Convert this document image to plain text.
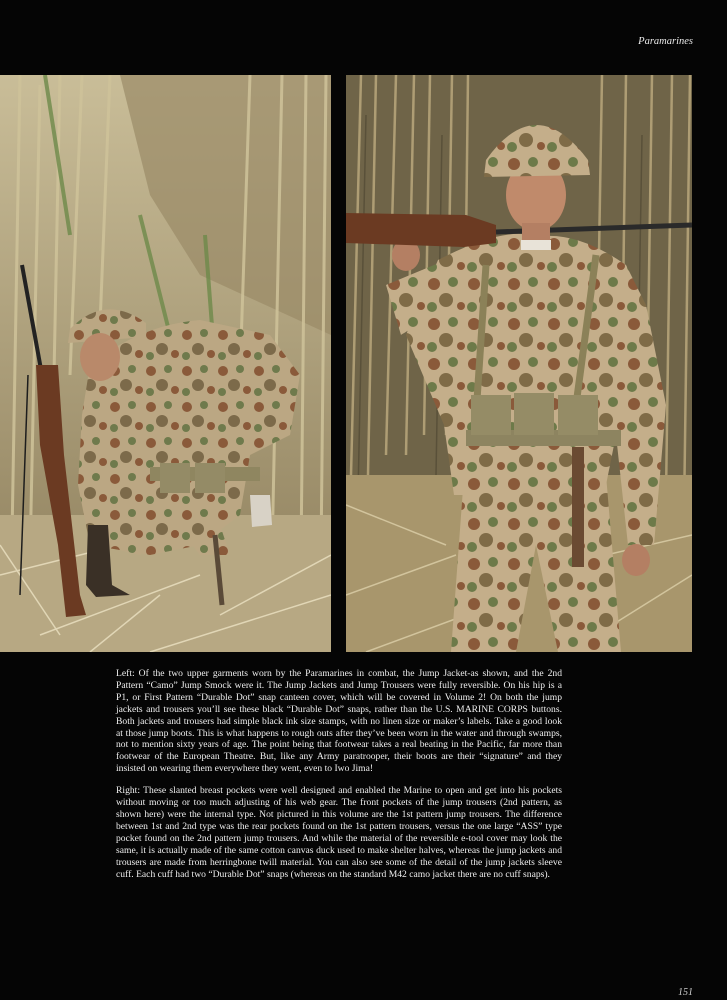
Paramarines

Left: Of the two upper garments worn by the Paramarines in combat, the Jump Jacket-as shown, and the 2nd Pattern “Camo” Jump Smock were it. The Jump Jackets and Jump Trousers were fully reversible. On his hip is a P1, or First Pattern “Durable Dot” snap canteen cover, which will be covered in Volume 2! On both the jump jackets and trousers you’ll see these black “Durable Dot” snaps, rather than the U.S. MARINE CORPS buttons. Both jackets and trousers had simple black ink size stamps, with no linen size or maker’s labels. Take a good look at those jump boots. This is what happens to rough outs after they’ve been worn in the water and through swamps, not to mention sixty years of age. The point being that footwear takes a real beating in the Pacific, far more than footwear of the European Theatre. But, like any Army paratrooper, their boots are their “signature” and they insisted on wearing them everywhere they went, even to Iwo Jima!

Right: These slanted breast pockets were well designed and enabled the Marine to open and get into his pockets without moving or too much adjusting of his web gear. The front pockets of the jump trousers (2nd pattern, as shown here) were the internal type. Not pictured in this volume are the 1st pattern jump trousers. The difference between 1st and 2nd type was the rear pockets found on the 1st pattern trousers, versus the one large “ASS” type pocket found on the 2nd pattern jump trousers. And while the material of the reversible e-tool cover may look the same, it is actually made of the same cotton canvas duck used to make shelter halves, whereas the jump jackets and trousers are made from herringbone twill material. You can also see some of the detail of the jump jackets sleeve cuff. Each cuff had two “Durable Dot” snaps (whereas on the standard M42 camo jacket there are no cuff snaps).

151
